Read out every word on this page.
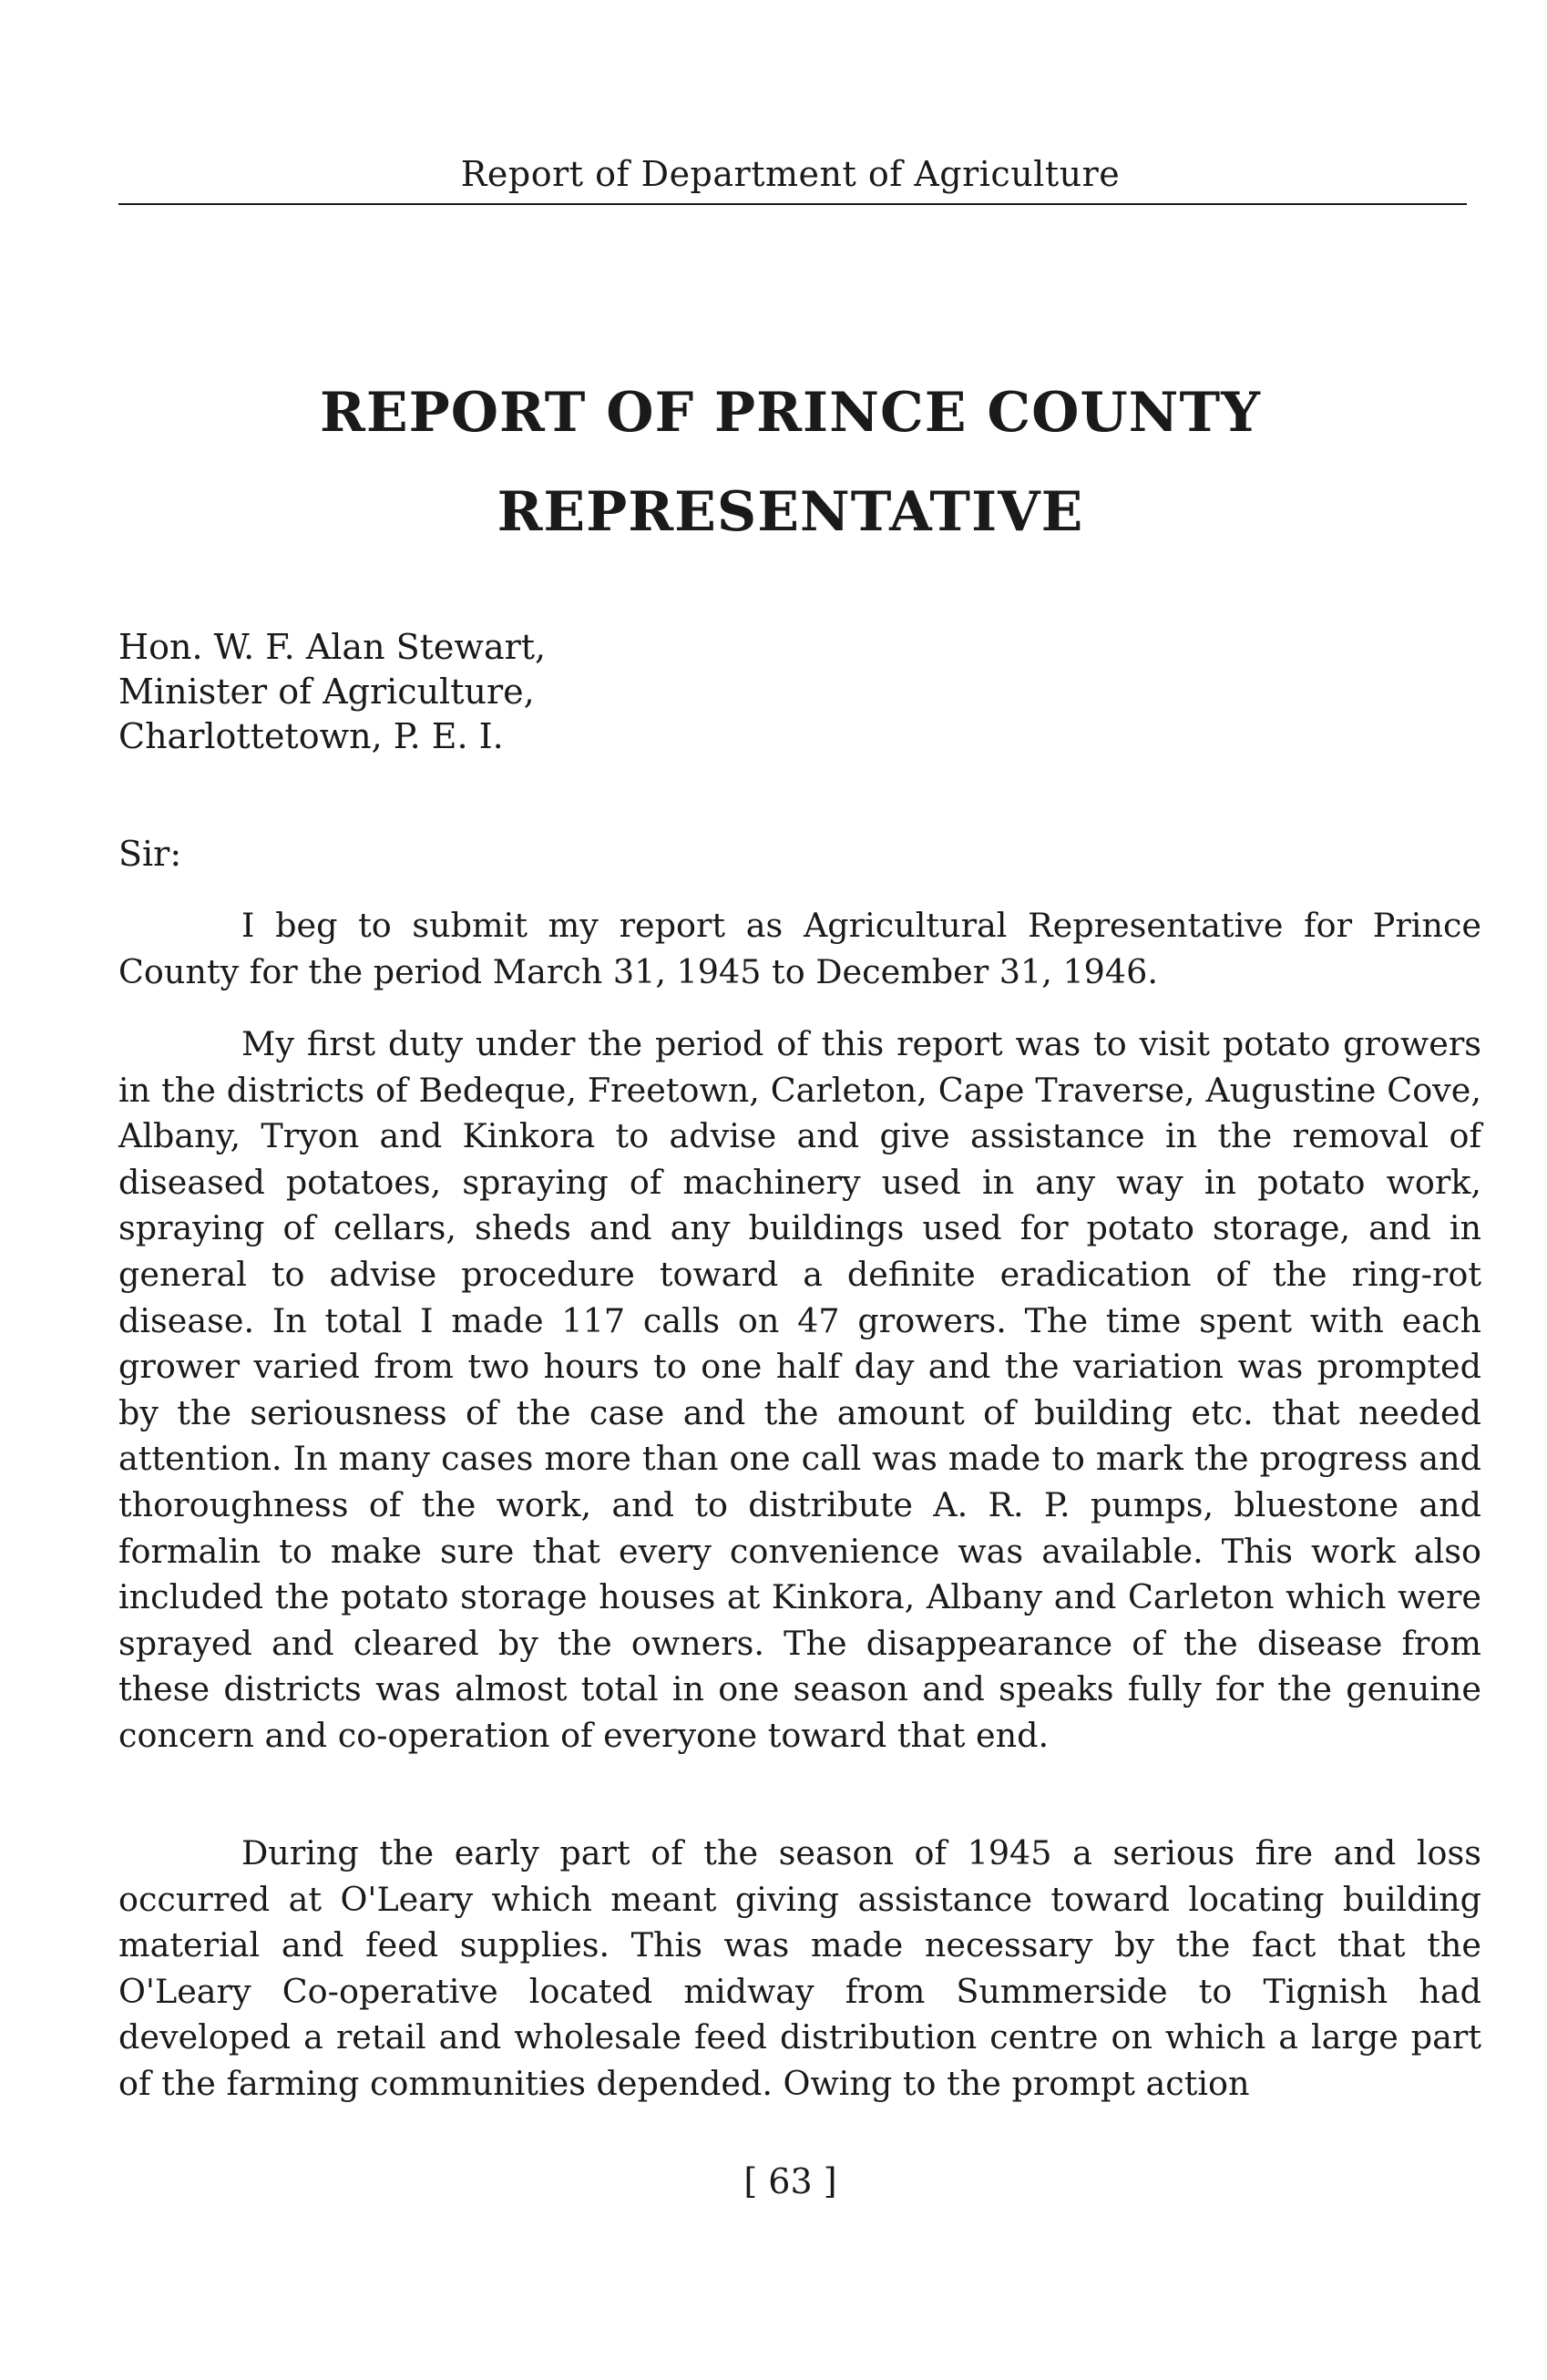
Report of Department of Agriculture
REPORT OF PRINCE COUNTY
REPRESENTATIVE
Hon. W. F. Alan Stewart,
Minister of Agriculture,
Charlottetown, P. E. I.
Sir:

I beg to submit my report as Agricultural Representative for Prince County for the period March 31, 1945 to December 31, 1946.

My first duty under the period of this report was to visit potato growers in the districts of Bedeque, Freetown, Carleton, Cape Traverse, Augustine Cove, Albany, Tryon and Kinkora to advise and give assistance in the removal of diseased potatoes, spraying of machinery used in any way in potato work, spraying of cellars, sheds and any buildings used for potato storage, and in general to advise procedure toward a definite eradication of the ring-rot disease. In total I made 117 calls on 47 growers. The time spent with each grower varied from two hours to one half day and the variation was prompted by the seriousness of the case and the amount of building etc. that needed attention. In many cases more than one call was made to mark the progress and thoroughness of the work, and to distribute A. R. P. pumps, bluestone and formalin to make sure that every convenience was available. This work also included the potato storage houses at Kinkora, Albany and Carleton which were sprayed and cleared by the owners. The disappearance of the disease from these districts was almost total in one season and speaks fully for the genuine concern and co-operation of everyone toward that end.

During the early part of the season of 1945 a serious fire and loss occurred at O'Leary which meant giving assistance toward locating building material and feed supplies. This was made necessary by the fact that the O'Leary Co-operative located midway from Summerside to Tignish had developed a retail and wholesale feed distribution centre on which a large part of the farming communities depended. Owing to the prompt action

[ 63 ]
